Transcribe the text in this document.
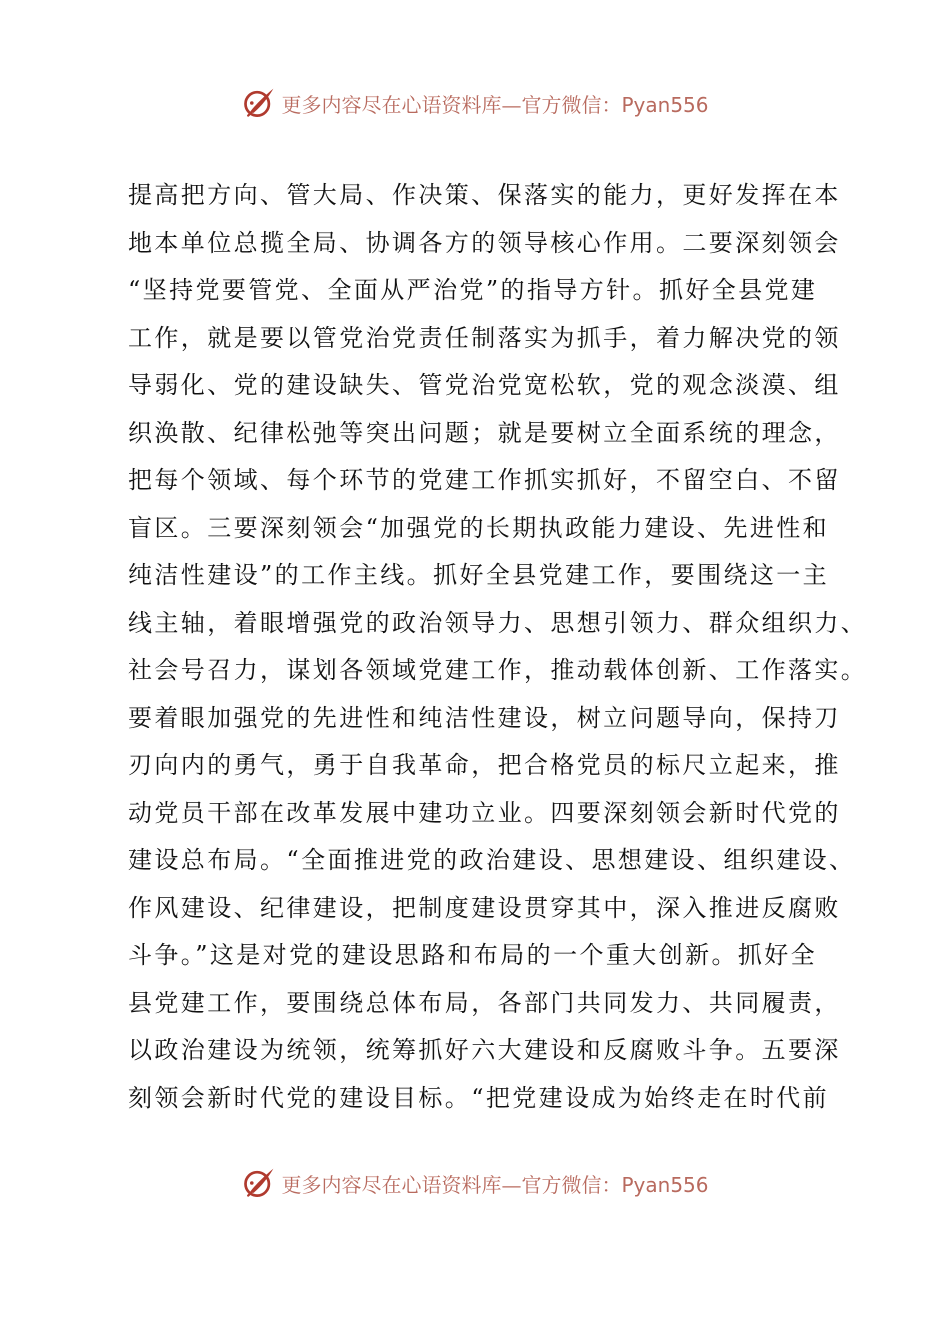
更多内容尽在心语资料库—官方微信：Pyan556
提高把方向、管大局、作决策、保落实的能力，更好发挥在本
地本单位总揽全局、协调各方的领导核心作用。二要深刻领会
“坚持党要管党、全面从严治党”的指导方针。抓好全县党建
工作，就是要以管党治党责任制落实为抓手，着力解决党的领
导弱化、党的建设缺失、管党治党宽松软，党的观念淡漠、组
织涣散、纪律松弛等突出问题；就是要树立全面系统的理念，
把每个领域、每个环节的党建工作抓实抓好，不留空白、不留
盲区。三要深刻领会“加强党的长期执政能力建设、先进性和
纯洁性建设”的工作主线。抓好全县党建工作，要围绕这一主
线主轴，着眼增强党的政治领导力、思想引领力、群众组织力、
社会号召力，谋划各领域党建工作，推动载体创新、工作落实。
要着眼加强党的先进性和纯洁性建设，树立问题导向，保持刀
刃向内的勇气，勇于自我革命，把合格党员的标尺立起来，推
动党员干部在改革发展中建功立业。四要深刻领会新时代党的
建设总布局。“全面推进党的政治建设、思想建设、组织建设、
作风建设、纪律建设，把制度建设贯穿其中，深入推进反腐败
斗争。”这是对党的建设思路和布局的一个重大创新。抓好全
县党建工作，要围绕总体布局，各部门共同发力、共同履责，
以政治建设为统领，统筹抓好六大建设和反腐败斗争。五要深
刻领会新时代党的建设目标。“把党建设成为始终走在时代前
更多内容尽在心语资料库—官方微信：Pyan556
